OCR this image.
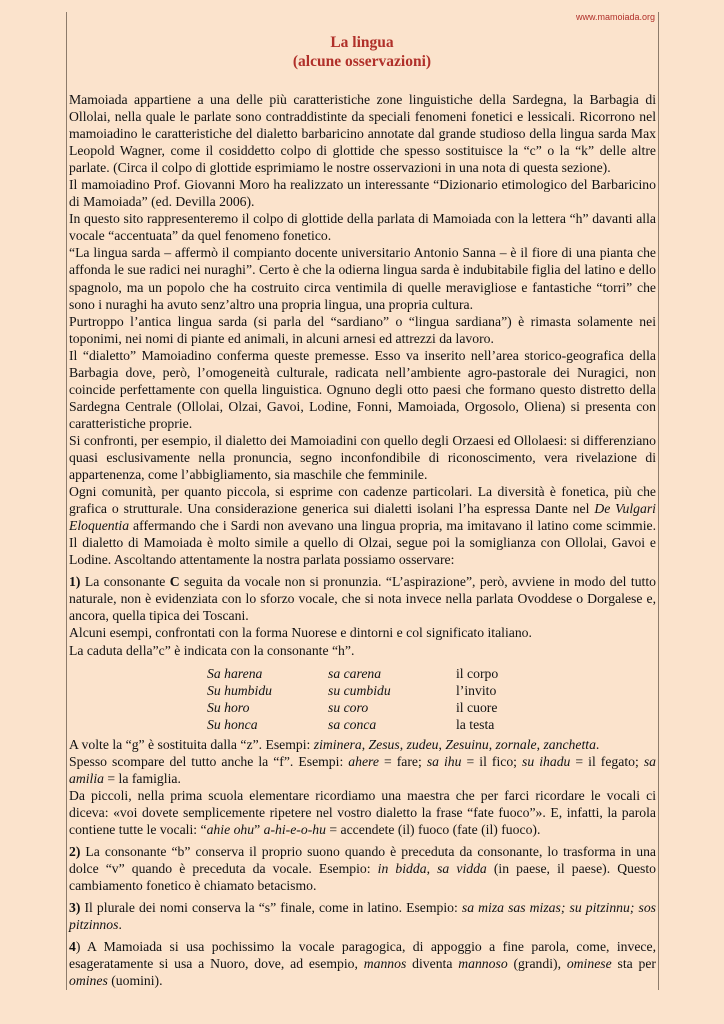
www.mamoiada.org
La lingua
(alcune osservazioni)

Mamoiada appartiene a una delle più caratteristiche zone linguistiche della Sardegna, la Barbagia di Ollolai, nella quale le parlate sono contraddistinte da speciali fenomeni fonetici e lessicali. Ricorrono nel mamoiadino le caratteristiche del dialetto barbaricino annotate dal grande studioso della lingua sarda Max Leopold Wagner, come il cosiddetto colpo di glottide che spesso sostituisce la “c” o la “k” delle altre parlate. (Circa il colpo di glottide esprimiamo le nostre osservazioni in una nota di questa sezione).

Il mamoiadino Prof. Giovanni Moro ha realizzato un interessante “Dizionario etimologico del Barbaricino di Mamoiada” (ed. Devilla 2006).

In questo sito rappresenteremo il colpo di glottide della parlata di Mamoiada con la lettera “h” davanti alla vocale “accentuata” da quel fenomeno fonetico.

“La lingua sarda – affermò il compianto docente universitario Antonio Sanna – è il fiore di una pianta che affonda le sue radici nei nuraghi”. Certo è che la odierna lingua sarda è indubitabile figlia del latino e dello spagnolo, ma un popolo che ha costruito circa ventimila di quelle meravigliose e fantastiche “torri” che sono i nuraghi ha avuto senz’altro una propria lingua, una propria cultura.

Purtroppo l’antica lingua sarda (si parla del “sardiano” o “lingua sardiana”) è rimasta solamente nei toponimi, nei nomi di piante ed animali, in alcuni arnesi ed attrezzi da lavoro.

Il “dialetto” Mamoiadino conferma queste premesse. Esso va inserito nell’area storico-geografica della Barbagia dove, però, l’omogeneità culturale, radicata nell’ambiente agro-pastorale dei Nuragici, non coincide perfettamente con quella linguistica. Ognuno degli otto paesi che formano questo distretto della Sardegna Centrale (Ollolai, Olzai, Gavoi, Lodine, Fonni, Mamoiada, Orgosolo, Oliena) si presenta con caratteristiche proprie.

Si confronti, per esempio, il dialetto dei Mamoiadini con quello degli Orzaesi ed Ollolaesi: si differenziano quasi esclusivamente nella pronuncia, segno inconfondibile di riconoscimento, vera rivelazione di appartenenza, come l’abbigliamento, sia maschile che femminile.

Ogni comunità, per quanto piccola, si esprime con cadenze particolari. La diversità è fonetica, più che grafica o strutturale. Una considerazione generica sui dialetti isolani l’ha espressa Dante nel De Vulgari Eloquentia affermando che i Sardi non avevano una lingua propria, ma imitavano il latino come scimmie. Il dialetto di Mamoiada è molto simile a quello di Olzai, segue poi la somiglianza con Ollolai, Gavoi e Lodine. Ascoltando attentamente la nostra parlata possiamo osservare:

1) La consonante C seguita da vocale non si pronunzia. “L’aspirazione”, però, avviene in modo del tutto naturale, non è evidenziata con lo sforzo vocale, che si nota invece nella parlata Ovoddese o Dorgalese e, ancora, quella tipica dei Toscani.

Alcuni esempi, confrontati con la forma Nuorese e dintorni e col significato italiano.

La caduta della”c” è indicata con la consonante “h”.

Sa harena	sa carena	il corpo
Su humbidu	su cumbidu	l’invito
Su horo	su coro	il cuore
Su honca	sa conca	la testa

A volte la “g” è sostituita dalla “z”. Esempi: ziminera, Zesus, zudeu, Zesuinu, zornale, zanchetta.

Spesso scompare del tutto anche la “f”. Esempi: ahere = fare; sa ihu = il fico; su ihadu = il fegato; sa amilia = la famiglia.

Da piccoli, nella prima scuola elementare ricordiamo una maestra che per farci ricordare le vocali ci diceva: «voi dovete semplicemente ripetere nel vostro dialetto la frase “fate fuoco”». E, infatti, la parola contiene tutte le vocali: “ahie ohu” a-hi-e-o-hu = accendete (il) fuoco (fate (il) fuoco).

2) La consonante “b” conserva il proprio suono quando è preceduta da consonante, lo trasforma in una dolce “v” quando è preceduta da vocale. Esempio: in bidda, sa vidda (in paese, il paese). Questo cambiamento fonetico è chiamato betacismo.

3) Il plurale dei nomi conserva la “s” finale, come in latino. Esempio: sa miza sas mizas; su pitzinnu; sos pitzinnos.

4) A Mamoiada si usa pochissimo la vocale paragogica, di appoggio a fine parola, come, invece, esageratamente si usa a Nuoro, dove, ad esempio, mannos diventa mannoso (grandi), ominese sta per omines (uomini).
